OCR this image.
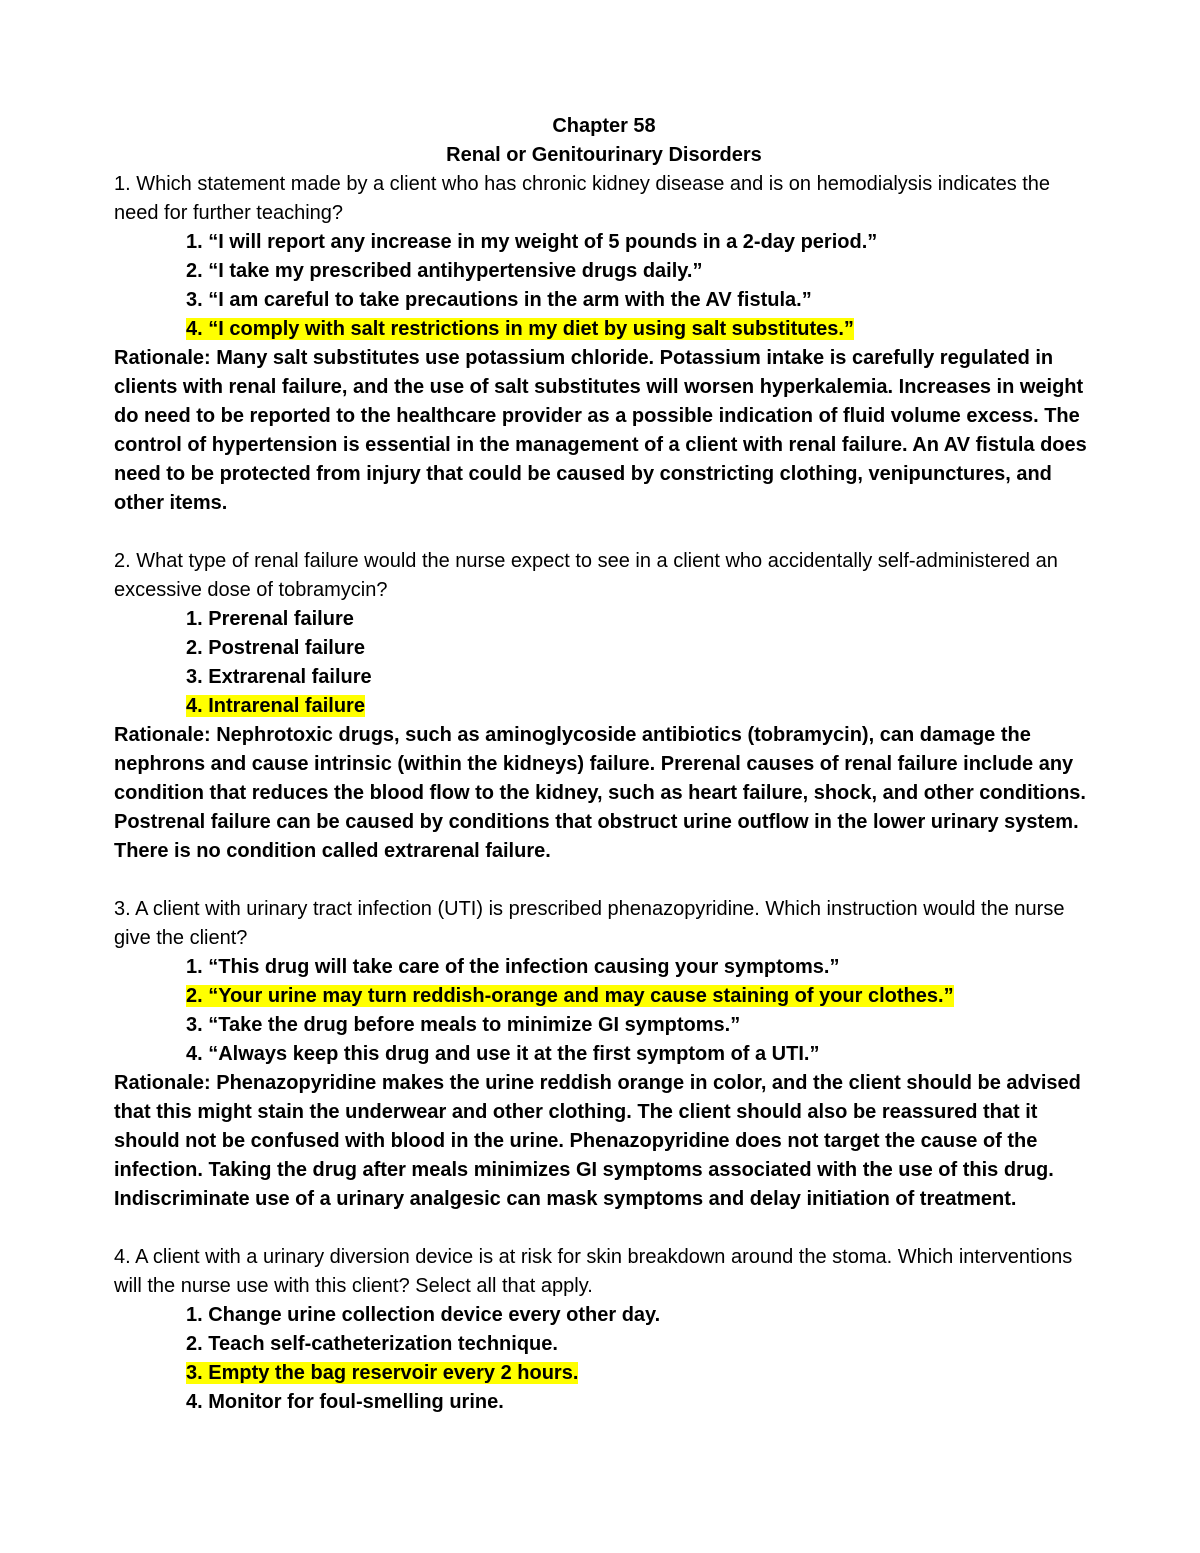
Chapter 58

Renal or Genitourinary Disorders

1. Which statement made by a client who has chronic kidney disease and is on hemodialysis indicates the need for further teaching?

1. “I will report any increase in my weight of 5 pounds in a 2-day period.”

2. “I take my prescribed antihypertensive drugs daily.”

3. “I am careful to take precautions in the arm with the AV fistula.”

4. “I comply with salt restrictions in my diet by using salt substitutes.”

Rationale: Many salt substitutes use potassium chloride. Potassium intake is carefully regulated in clients with renal failure, and the use of salt substitutes will worsen hyperkalemia. Increases in weight do need to be reported to the healthcare provider as a possible indication of fluid volume excess. The control of hypertension is essential in the management of a client with renal failure. An AV fistula does need to be protected from injury that could be caused by constricting clothing, venipunctures, and other items.

2. What type of renal failure would the nurse expect to see in a client who accidentally self-administered an excessive dose of tobramycin?

1. Prerenal failure

2. Postrenal failure

3. Extrarenal failure

4. Intrarenal failure

Rationale: Nephrotoxic drugs, such as aminoglycoside antibiotics (tobramycin), can damage the nephrons and cause intrinsic (within the kidneys) failure. Prerenal causes of renal failure include any condition that reduces the blood flow to the kidney, such as heart failure, shock, and other conditions. Postrenal failure can be caused by conditions that obstruct urine outflow in the lower urinary system. There is no condition called extrarenal failure.

3. A client with urinary tract infection (UTI) is prescribed phenazopyridine. Which instruction would the nurse give the client?

1. “This drug will take care of the infection causing your symptoms.”

2. “Your urine may turn reddish-orange and may cause staining of your clothes.”

3. “Take the drug before meals to minimize GI symptoms.”

4. “Always keep this drug and use it at the first symptom of a UTI.”

Rationale: Phenazopyridine makes the urine reddish orange in color, and the client should be advised that this might stain the underwear and other clothing. The client should also be reassured that it should not be confused with blood in the urine. Phenazopyridine does not target the cause of the infection. Taking the drug after meals minimizes GI symptoms associated with the use of this drug. Indiscriminate use of a urinary analgesic can mask symptoms and delay initiation of treatment.

4. A client with a urinary diversion device is at risk for skin breakdown around the stoma. Which interventions will the nurse use with this client? Select all that apply.

1. Change urine collection device every other day.

2. Teach self-catheterization technique.

3. Empty the bag reservoir every 2 hours.

4. Monitor for foul-smelling urine.
